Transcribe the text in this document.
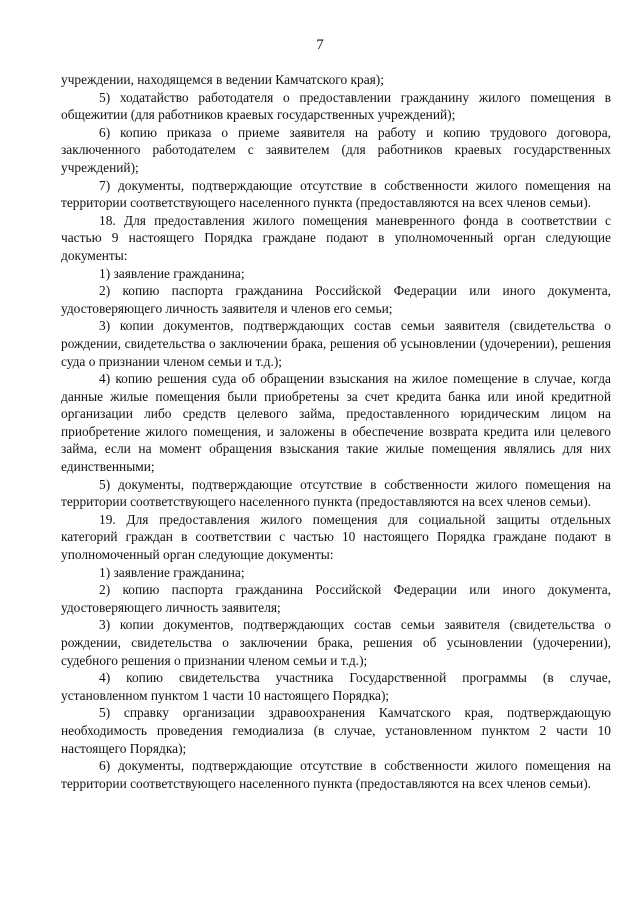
7

учреждении, находящемся в ведении Камчатского края);

5) ходатайство работодателя о предоставлении гражданину жилого помещения в общежитии (для работников краевых государственных учреждений);

6) копию приказа о приеме заявителя на работу и копию трудового договора, заключенного работодателем с заявителем (для работников краевых государственных учреждений);

7) документы, подтверждающие отсутствие в собственности жилого помещения на территории соответствующего населенного пункта (предоставляются на всех членов семьи).

18. Для предоставления жилого помещения маневренного фонда в соответствии с частью 9 настоящего Порядка граждане подают в уполномоченный орган следующие документы:

1) заявление гражданина;

2) копию паспорта гражданина Российской Федерации или иного документа, удостоверяющего личность заявителя и членов его семьи;

3) копии документов, подтверждающих состав семьи заявителя (свидетельства о рождении, свидетельства о заключении брака, решения об усыновлении (удочерении), решения суда о признании членом семьи и т.д.);

4) копию решения суда об обращении взыскания на жилое помещение в случае, когда данные жилые помещения были приобретены за счет кредита банка или иной кредитной организации либо средств целевого займа, предоставленного юридическим лицом на приобретение жилого помещения, и заложены в обеспечение возврата кредита или целевого займа, если на момент обращения взыскания такие жилые помещения являлись для них единственными;

5) документы, подтверждающие отсутствие в собственности жилого помещения на территории соответствующего населенного пункта (предоставляются на всех членов семьи).

19. Для предоставления жилого помещения для социальной защиты отдельных категорий граждан в соответствии с частью 10 настоящего Порядка граждане подают в уполномоченный орган следующие документы:

1) заявление гражданина;

2) копию паспорта гражданина Российской Федерации или иного документа, удостоверяющего личность заявителя;

3) копии документов, подтверждающих состав семьи заявителя (свидетельства о рождении, свидетельства о заключении брака, решения об усыновлении (удочерении), судебного решения о признании членом семьи и т.д.);

4) копию свидетельства участника Государственной программы (в случае, установленном пунктом 1 части 10 настоящего Порядка);

5) справку организации здравоохранения Камчатского края, подтверждающую необходимость проведения гемодиализа (в случае, установленном пунктом 2 части 10 настоящего Порядка);

6) документы, подтверждающие отсутствие в собственности жилого помещения на территории соответствующего населенного пункта (предоставляются на всех членов семьи).
